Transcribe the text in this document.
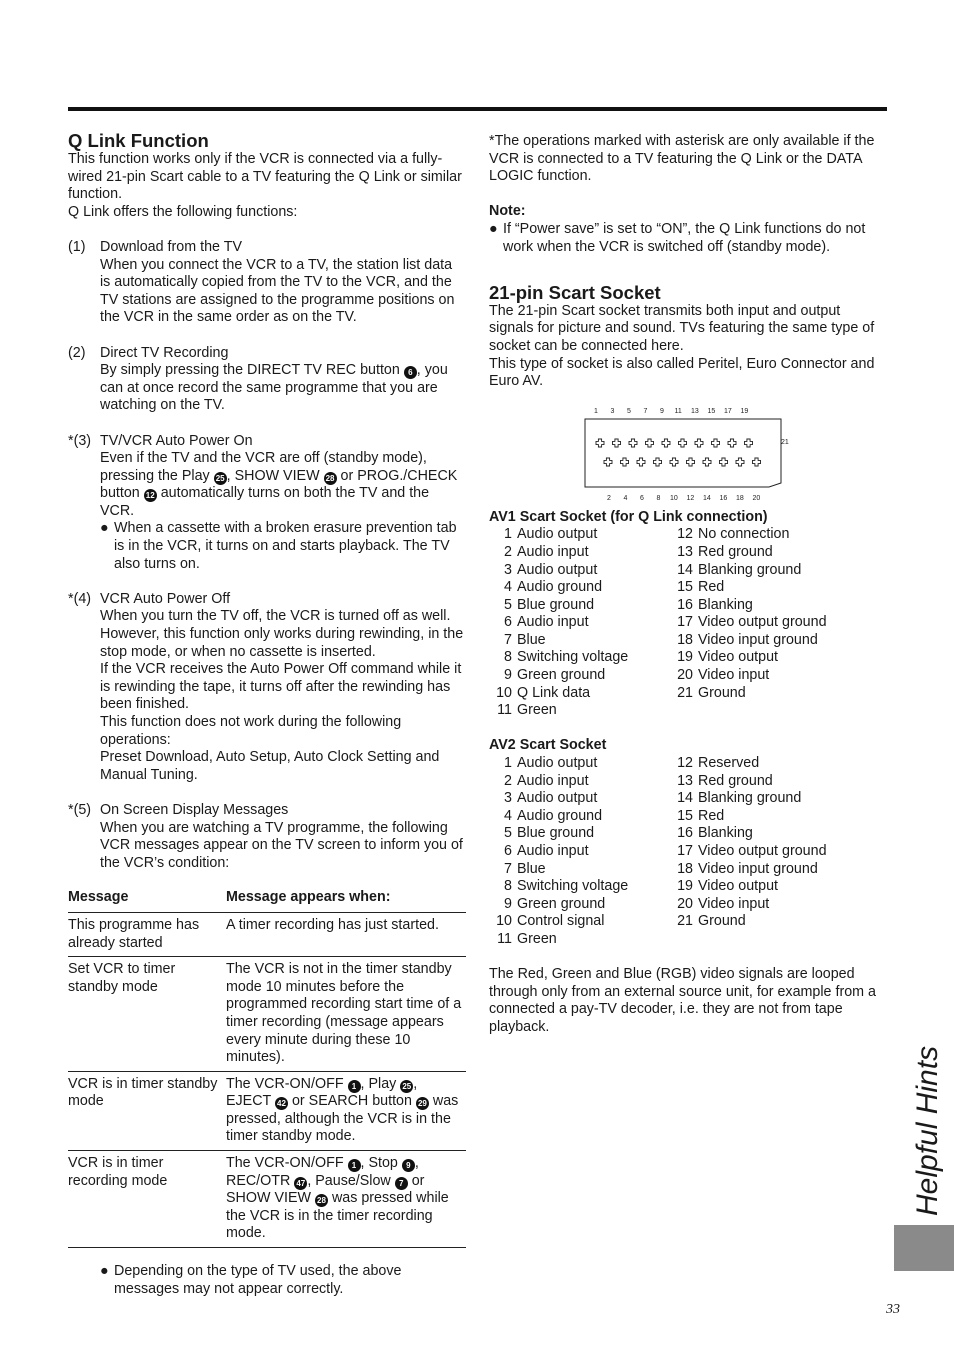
Q Link Function

This function works only if the VCR is connected via a fully-wired 21-pin Scart cable to a TV featuring the Q Link or similar function.

Q Link offers the following functions:

(1) Download from the TV

When you connect the VCR to a TV, the station list data is automatically copied from the TV to the VCR, and the TV stations are assigned to the programme positions on the VCR in the same order as on the TV.

(2) Direct TV Recording

By simply pressing the DIRECT TV REC button 6 , you can at once record the same programme that you are watching on the TV.

*(3) TV/VCR Auto Power On

Even if the TV and the VCR are off (standby mode), pressing the Play 25 , SHOW VIEW 28 or PROG./CHECK button 12 automatically turns on both the TV and the VCR.

● When a cassette with a broken erasure prevention tab is in the VCR, it turns on and starts playback. The TV also turns on.
*(4) VCR Auto Power Off

When you turn the TV off, the VCR is turned off as well. However, this function only works during rewinding, in the stop mode, or when no cassette is inserted.

If the VCR receives the Auto Power Off command while it is rewinding the tape, it turns off after the rewinding has been finished.

This function does not work during the following operations:

Preset Download, Auto Setup, Auto Clock Setting and Manual Tuning.

*(5) On Screen Display Messages

When you are watching a TV programme, the following VCR messages appear on the TV screen to inform you of the VCR’s condition:

Message	Message appears when:
This programme has already started	A timer recording has just started.
Set VCR to timer standby mode	The VCR is not in the timer standby mode 10 minutes before the programmed recording start time of a timer recording (message appears every minute during these 10 minutes).
VCR is in timer standby mode	The VCR-ON/OFF 1 , Play 25 , EJECT 42 or SEARCH button 29 was pressed, although the VCR is in the timer standby mode.
VCR is in timer recording mode	The VCR-ON/OFF 1 , Stop 9 , REC/OTR 47 , Pause/Slow 7 or SHOW VIEW 28 was pressed while the VCR is in the timer recording mode.
● Depending on the type of TV used, the above messages may not appear correctly.

*The operations marked with asterisk are only available if the VCR is connected to a TV featuring the Q Link or the DATA LOGIC function.

Note:

● If “Power save” is set to “ON”, the Q Link functions do not work when the VCR is switched off (standby mode).
21-pin Scart Socket

The 21-pin Scart socket transmits both input and output signals for picture and sound. TVs featuring the same type of socket can be connected here.

This type of socket is also called Peritel, Euro Connector and Euro AV.

1 3 5 7 9 11 13 15 17 19
2 4 6 8 10 12 14 16 18 20
21

AV1 Scart Socket (for Q Link connection)

1 Audio output	12 No connection
2 Audio input	13 Red ground
3 Audio output	14 Blanking ground
4 Audio ground	15 Red
5 Blue ground	16 Blanking
6 Audio input	17 Video output ground
7 Blue	18 Video input ground
8 Switching voltage	19 Video output
9 Green ground	20 Video input
10 Q Link data	21 Ground
11 Green

AV2 Scart Socket

1 Audio output	12 Reserved
2 Audio input	13 Red ground
3 Audio output	14 Blanking ground
4 Audio ground	15 Red
5 Blue ground	16 Blanking
6 Audio input	17 Video output ground
7 Blue	18 Video input ground
8 Switching voltage	19 Video output
9 Green ground	20 Video input
10 Control signal	21 Ground
11 Green

The Red, Green and Blue (RGB) video signals are looped through only from an external source unit, for example from a connected a pay-TV decoder, i.e. they are not from tape playback.

Helpful Hints
33
